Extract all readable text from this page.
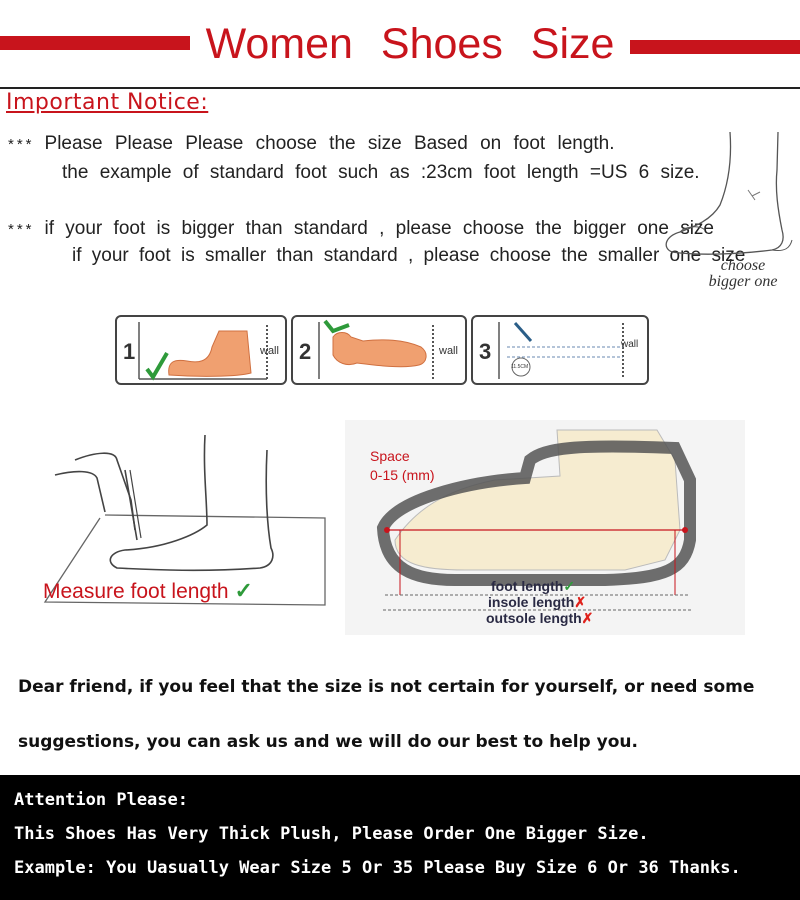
Women Shoes Size
Important Notice:
*** Please Please Please choose the size Based on foot length.
the example of standard foot such as :23cm foot length =US 6 size.
*** if your foot is bigger than standard , please choose the bigger one size
if your foot is smaller than standard , please choose the smaller one size
choose
bigger one
1	wall 2	wall 3	wall
11.5CM
Measure foot length ✓
Space
0-15 (mm)
foot length✓
insole length✗
outsole length✗
Dear friend, if you feel that the size is not certain for yourself, or need some
suggestions, you can ask us and we will do our best to help you.
Attention Please:
This Shoes Has Very Thick Plush, Please Order One Bigger Size.
Example: You Uasually Wear Size 5 Or 35 Please Buy Size 6 Or 36 Thanks.
